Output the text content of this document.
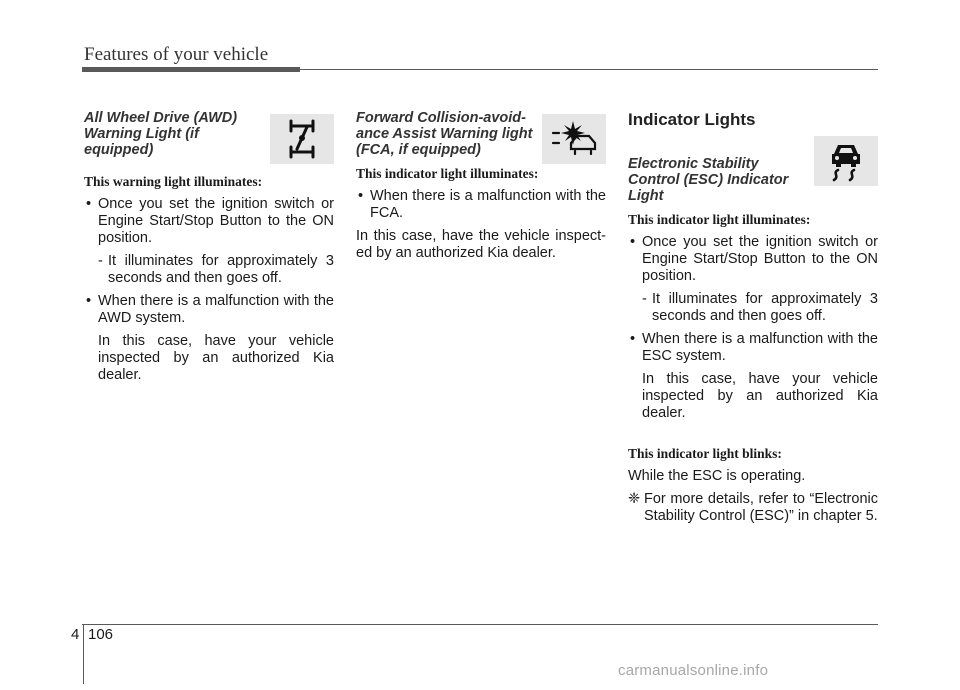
Features of your vehicle
All Wheel Drive (AWD) Warning Light (if equipped)
This warning light illuminates:
• Once you set the ignition switch or Engine Start/Stop Button to the ON position.
- It illuminates for approximately 3 seconds and then goes off.
• When there is a malfunction with the AWD system.
In this case, have your vehicle inspected by an authorized Kia dealer.
Forward Collision-avoid-ance Assist Warning light (FCA, if equipped)
This indicator light illuminates:
• When there is a malfunction with the FCA.
In this case, have the vehicle inspect-ed by an authorized Kia dealer.
Indicator Lights
Electronic Stability Control (ESC) Indicator Light
This indicator light illuminates:
• Once you set the ignition switch or Engine Start/Stop Button to the ON position.
- It illuminates for approximately 3 seconds and then goes off.
• When there is a malfunction with the ESC system.
In this case, have your vehicle inspected by an authorized Kia dealer.
This indicator light blinks:
While the ESC is operating.
❈ For more details, refer to “Electronic Stability Control (ESC)” in chapter 5.
4 106
carmanualsonline.info
